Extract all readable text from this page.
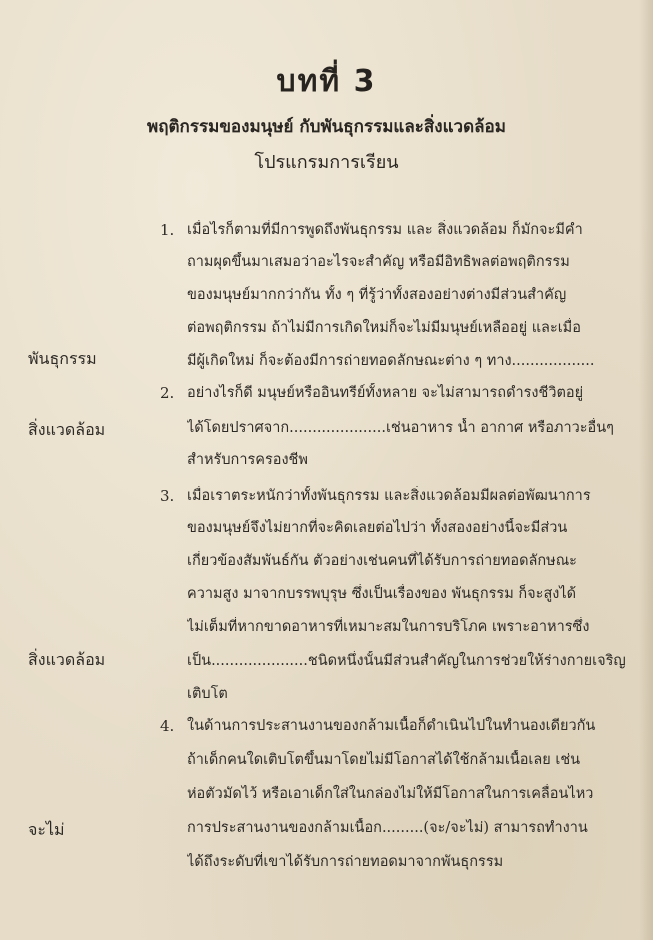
บทที่ 3
พฤติกรรมของมนุษย์ กับพันธุกรรมและสิ่งแวดล้อม
โปรแกรมการเรียน
พันธุกรรม
สิ่งแวดล้อม
สิ่งแวดล้อม
จะไม่
1. เมื่อไรก็ตามที่มีการพูดถึงพันธุกรรม และ สิ่งแวดล้อม ก็มักจะมีคำ
ถามผุดขึ้นมาเสมอว่าอะไรจะสำคัญ หรือมีอิทธิพลต่อพฤติกรรม
ของมนุษย์มากกว่ากัน ทั้ง ๆ ที่รู้ว่าทั้งสองอย่างต่างมีส่วนสำคัญ
ต่อพฤติกรรม ถ้าไม่มีการเกิดใหม่ก็จะไม่มีมนุษย์เหลืออยู่ และเมื่อ
มีผู้เกิดใหม่ ก็จะต้องมีการถ่ายทอดลักษณะต่าง ๆ ทาง..................
2. อย่างไรก็ดี มนุษย์หรืออินทรีย์ทั้งหลาย จะไม่สามารถดำรงชีวิตอยู่
ได้โดยปราศจาก.....................เช่นอาหาร น้ำ อากาศ หรือภาวะอื่นๆ
สำหรับการครองชีพ
3. เมื่อเราตระหนักว่าทั้งพันธุกรรม และสิ่งแวดล้อมมีผลต่อพัฒนาการ
ของมนุษย์จึงไม่ยากที่จะคิดเลยต่อไปว่า ทั้งสองอย่างนี้จะมีส่วน
เกี่ยวข้องสัมพันธ์กัน ตัวอย่างเช่นคนที่ได้รับการถ่ายทอดลักษณะ
ความสูง มาจากบรรพบุรุษ ซึ่งเป็นเรื่องของ พันธุกรรม ก็จะสูงได้
ไม่เต็มที่หากขาดอาหารที่เหมาะสมในการบริโภค เพราะอาหารซึ่ง
เป็น.....................ชนิดหนึ่งนั้นมีส่วนสำคัญในการช่วยให้ร่างกายเจริญ
เติบโต
4. ในด้านการประสานงานของกล้ามเนื้อก็ดำเนินไปในทำนองเดียวกัน
ถ้าเด็กคนใดเติบโตขึ้นมาโดยไม่มีโอกาสได้ใช้กล้ามเนื้อเลย เช่น
ห่อตัวมัดไว้ หรือเอาเด็กใส่ในกล่องไม่ให้มีโอกาสในการเคลื่อนไหว
การประสานงานของกล้ามเนื้อก.........(จะ/จะไม่) สามารถทำงาน
ได้ถึงระดับที่เขาได้รับการถ่ายทอดมาจากพันธุกรรม
